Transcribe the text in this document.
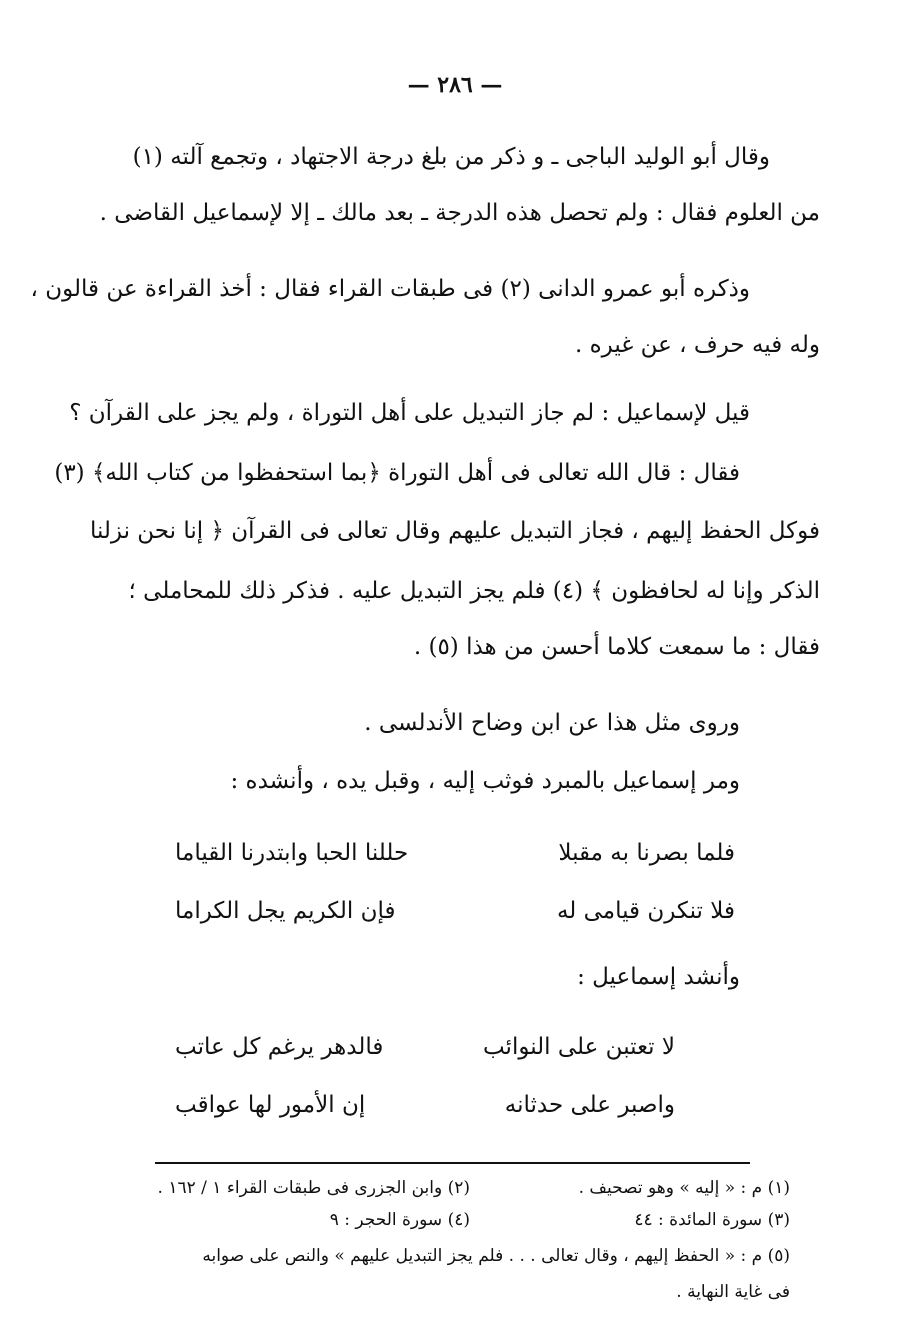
— ٢٨٦ —
وقال أبو الوليد الباجى ـ و ذكر من بلغ درجة الاجتهاد ، وتجمع آلته (١)
من العلوم فقال : ولم تحصل هذه الدرجة ـ بعد مالك ـ إلا لإسماعيل القاضى .
وذكره أبو عمرو الدانى (٢) فى طبقات القراء فقال : أخذ القراءة عن قالون ،
وله فيه حرف ، عن غيره .
قيل لإسماعيل : لم جاز التبديل على أهل التوراة ، ولم يجز على القرآن ؟
فقال : قال الله تعالى فى أهل التوراة ﴿بما استحفظوا من كتاب الله﴾ (٣)
فوكل الحفظ إليهم ، فجاز التبديل عليهم وقال تعالى فى القرآن ﴿ إنا نحن نزلنا
الذكر وإنا له لحافظون ﴾ (٤) فلم يجز التبديل عليه . فذكر ذلك للمحاملى ؛
فقال : ما سمعت كلاما أحسن من هذا (٥) .
وروى مثل هذا عن ابن وضاح الأندلسى .
ومر إسماعيل بالمبرد فوثب إليه ، وقبل يده ، وأنشده :
فلما بصرنا به مقبلا
حللنا الحبا وابتدرنا القياما
فلا تنكرن قيامى له
فإن الكريم يجل الكراما
وأنشد إسماعيل :
لا تعتبن على النوائب
فالدهر يرغم كل عاتب
واصبر على حدثانه
إن الأمور لها عواقب
(١) م : « إليه » وهو تصحيف .
(٢) وابن الجزرى فى طبقات القراء ١ / ١٦٢ .
(٣) سورة المائدة : ٤٤
(٤) سورة الحجر : ٩
(٥) م : « الحفظ إليهم ، وقال تعالى . . . فلم يجز التبديل عليهم » والنص على صوابه
فى غاية النهاية .
